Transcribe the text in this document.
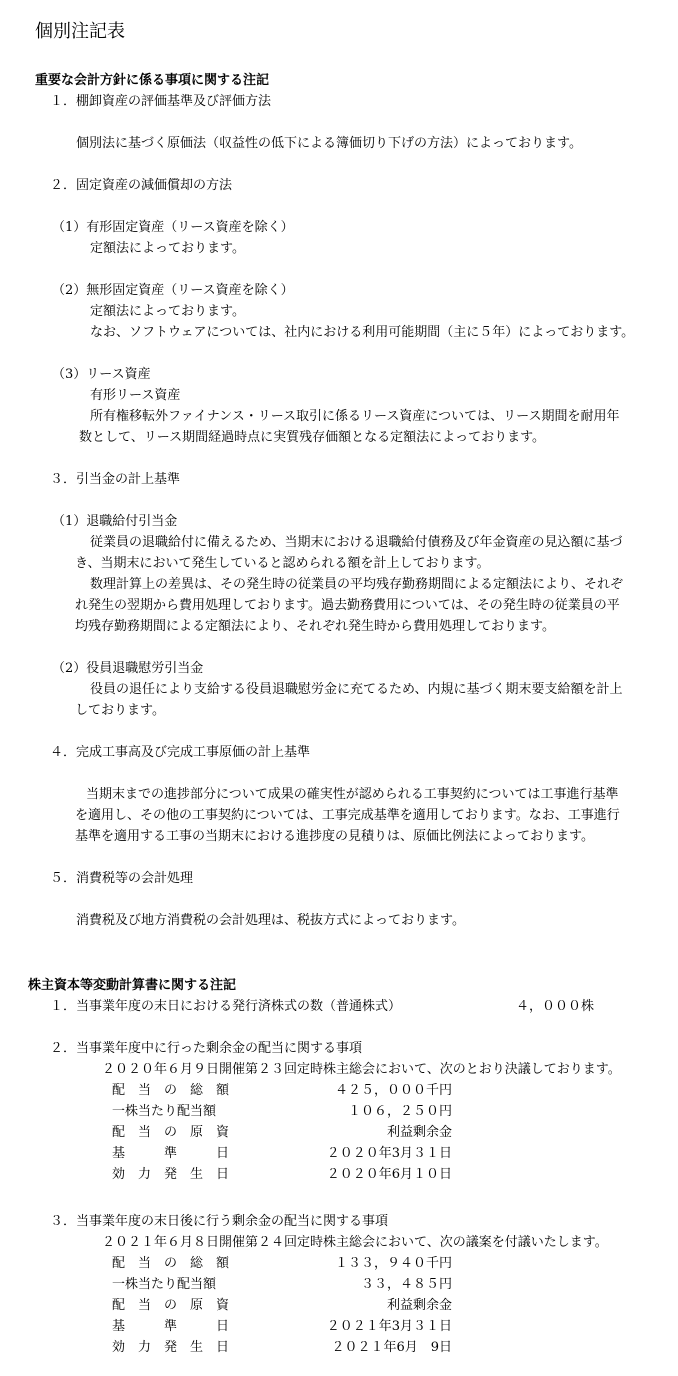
個別注記表
重要な会計方針に係る事項に関する注記
１．棚卸資産の評価基準及び評価方法
個別法に基づく原価法（収益性の低下による簿価切り下げの方法）によっております。
２．固定資産の減価償却の方法
（1）有形固定資産（リース資産を除く）
定額法によっております。
（2）無形固定資産（リース資産を除く）
定額法によっております。
なお、ソフトウェアについては、社内における利用可能期間（主に５年）によっております。
（3）リース資産
有形リース資産
所有権移転外ファイナンス・リース取引に係るリース資産については、リース期間を耐用年
数として、リース期間経過時点に実質残存価額となる定額法によっております。
３．引当金の計上基準
（1）退職給付引当金
従業員の退職給付に備えるため、当期末における退職給付債務及び年金資産の見込額に基づ
き、当期末において発生していると認められる額を計上しております。
数理計算上の差異は、その発生時の従業員の平均残存勤務期間による定額法により、それぞ
れ発生の翌期から費用処理しております。過去勤務費用については、その発生時の従業員の平
均残存勤務期間による定額法により、それぞれ発生時から費用処理しております。
（2）役員退職慰労引当金
役員の退任により支給する役員退職慰労金に充てるため、内規に基づく期末要支給額を計上
しております。
４．完成工事高及び完成工事原価の計上基準
当期末までの進捗部分について成果の確実性が認められる工事契約については工事進行基準
を適用し、その他の工事契約については、工事完成基準を適用しております。なお、工事進行
基準を適用する工事の当期末における進捗度の見積りは、原価比例法によっております。
５．消費税等の会計処理
消費税及び地方消費税の会計処理は、税抜方式によっております。
株主資本等変動計算書に関する注記
１．当事業年度の末日における発行済株式の数（普通株式）	４，０００株
２．当事業年度中に行った剰余金の配当に関する事項
２０２０年６月９日開催第２３回定時株主総会において、次のとおり決議しております。
配　当　の　総　額	４２５，０００千円
一株当たり配当額	１０６，２５０円
配　当　の　原　資	利益剰余金
基　　　準　　　日	２０２０年3月３１日
効　力　発　生　日	２０２０年6月１０日
３．当事業年度の末日後に行う剰余金の配当に関する事項
２０２１年６月８日開催第２４回定時株主総会において、次の議案を付議いたします。
配　当　の　総　額	１３３，９４０千円
一株当たり配当額	３３，４８５円
配　当　の　原　資	利益剰余金
基　　　準　　　日	２０２１年3月３１日
効　力　発　生　日	２０２１年6月　9日
